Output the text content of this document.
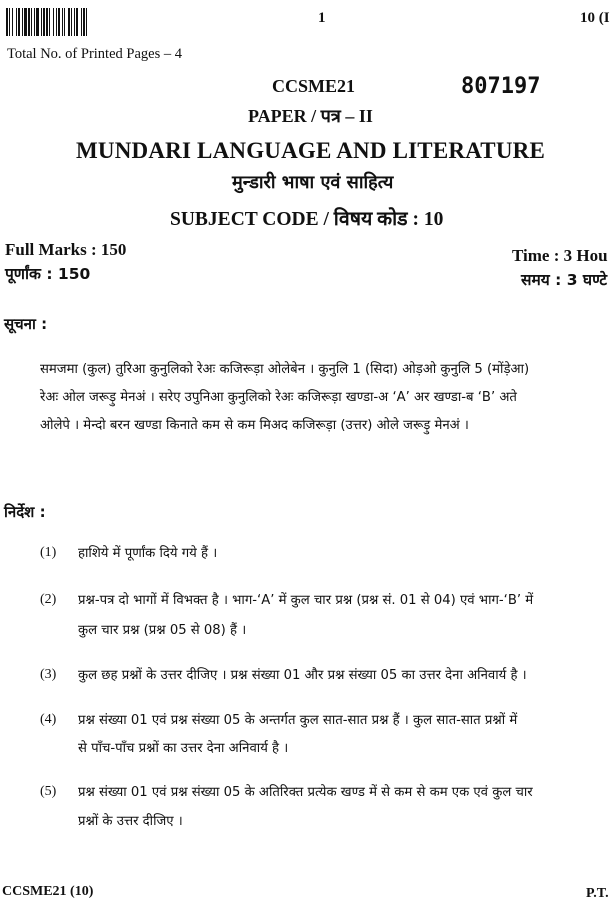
1	10 (I
Total No. of Printed Pages – 4
CCSME21	807197
PAPER / पत्र – II
MUNDARI LANGUAGE AND LITERATURE
मुन्डारी भाषा एवं साहित्य
SUBJECT CODE / विषय कोड : 10
Full Marks : 150
पूर्णांक : 150
Time : 3 Hou
समय : 3 घण्टे
सूचना :
समजमा (कुल) तुरिआ कुनुलिको रेअः कजिरूड़ा ओलेबेन । कुनुलि 1 (सिदा) ओड़ओ कुनुलि 5 (मोंड़ेआ)
रेअः ओल जरूड़ु मेनअं । सरेए उपुनिआ कुनुलिको रेअः कजिरूड़ा खण्डा-अ ‘A’ अर खण्डा-ब ‘B’ अते
ओलेपे । मेन्दो बरन खण्डा किनाते कम से कम मिअद कजिरूड़ा (उत्तर) ओले जरूड़ु मेनअं ।
निर्देश :
(1) हाशिये में पूर्णांक दिये गये हैं ।
(2) प्रश्न-पत्र दो भागों में विभक्त है । भाग-‘A’ में कुल चार प्रश्न (प्रश्न सं. 01 से 04) एवं भाग-‘B’ में
कुल चार प्रश्न (प्रश्न 05 से 08) हैं ।
(3) कुल छह प्रश्नों के उत्तर दीजिए । प्रश्न संख्या 01 और प्रश्न संख्या 05 का उत्तर देना अनिवार्य है ।
(4) प्रश्न संख्या 01 एवं प्रश्न संख्या 05 के अन्तर्गत कुल सात-सात प्रश्न हैं । कुल सात-सात प्रश्नों में
से पाँच-पाँच प्रश्नों का उत्तर देना अनिवार्य है ।
(5) प्रश्न संख्या 01 एवं प्रश्न संख्या 05 के अतिरिक्त प्रत्येक खण्ड में से कम से कम एक एवं कुल चार
प्रश्नों के उत्तर दीजिए ।
CCSME21 (10)	P.T.
